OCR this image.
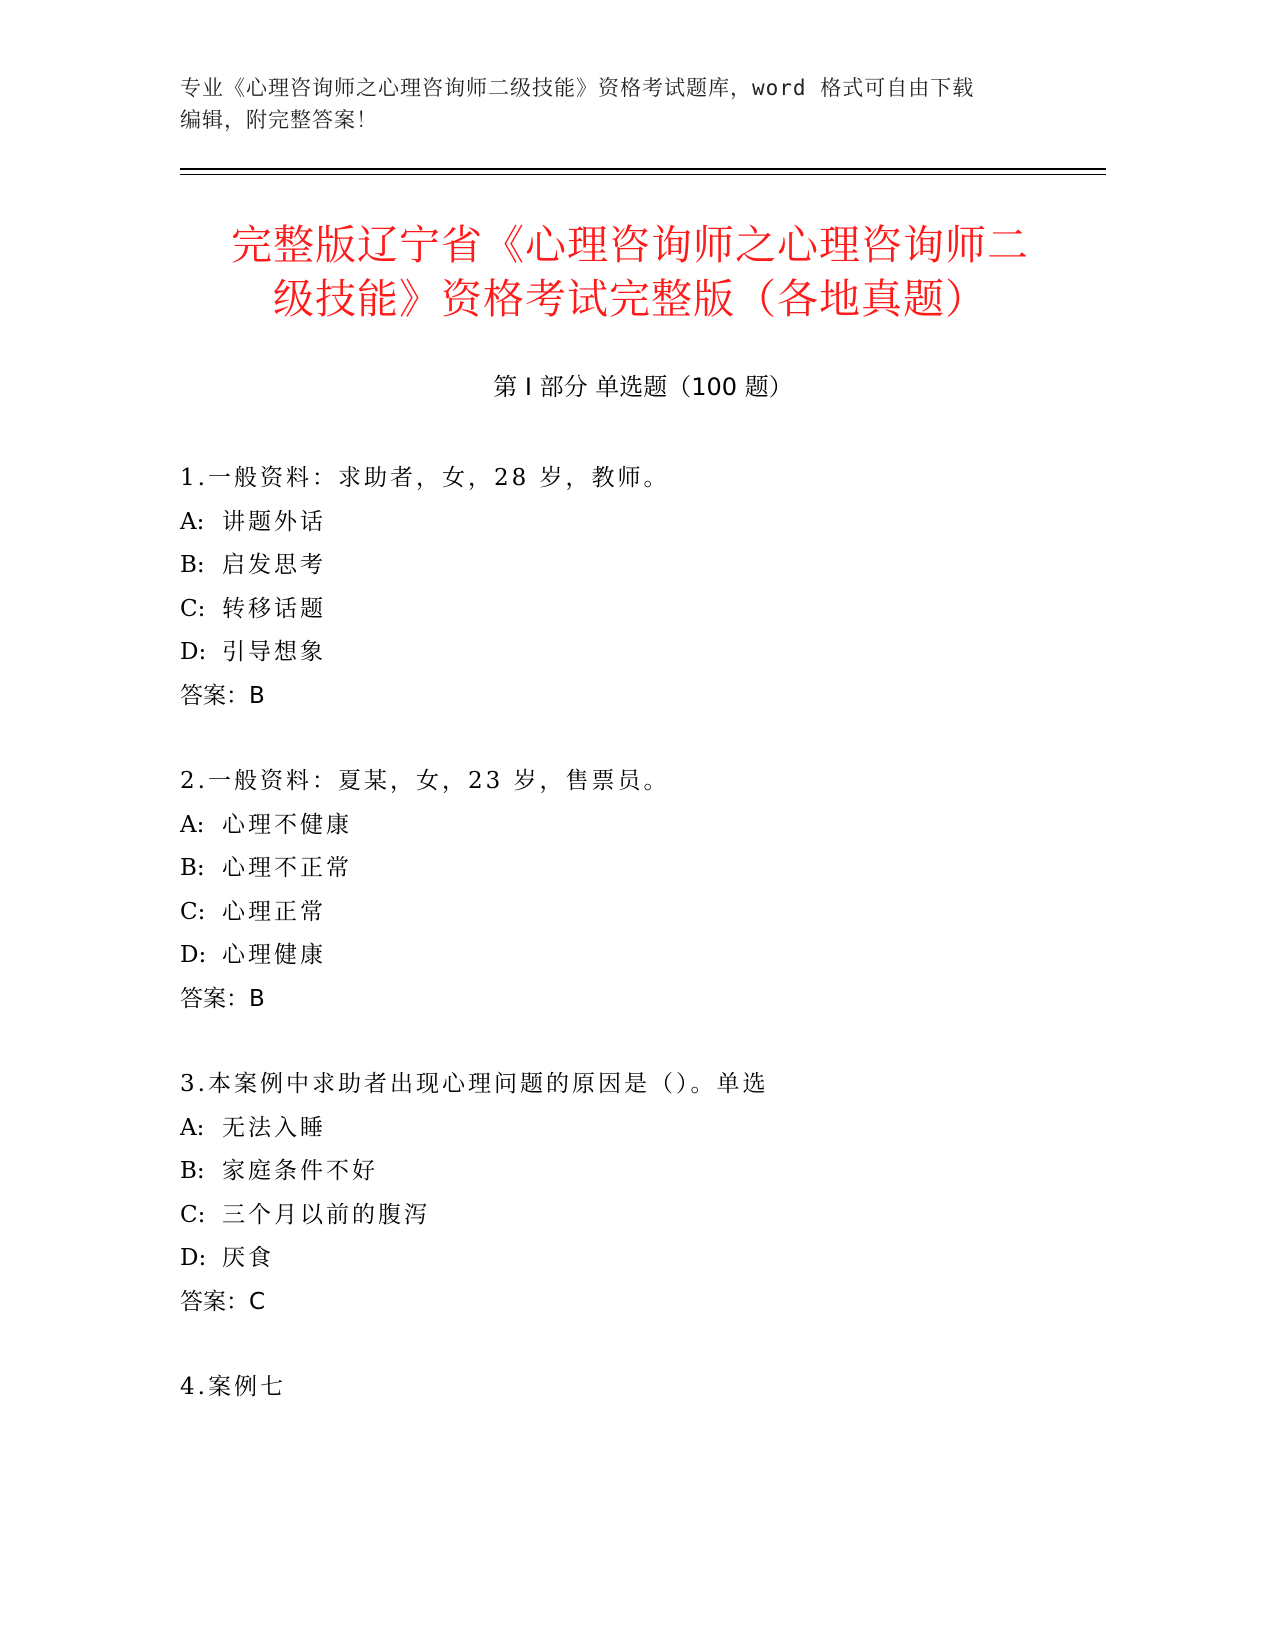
专业《心理咨询师之心理咨询师二级技能》资格考试题库，word 格式可自由下载
编辑，附完整答案！
完整版辽宁省《心理咨询师之心理咨询师二
级技能》资格考试完整版（各地真题）
第 I 部分 单选题（100 题）
1.一般资料：求助者，女，28 岁，教师。
A: 讲题外话
B: 启发思考
C: 转移话题
D: 引导想象
答案：B
2.一般资料：夏某，女，23 岁，售票员。
A: 心理不健康
B: 心理不正常
C: 心理正常
D: 心理健康
答案：B
3.本案例中求助者出现心理问题的原因是（）。单选
A: 无法入睡
B: 家庭条件不好
C: 三个月以前的腹泻
D: 厌食
答案：C
4.案例七
